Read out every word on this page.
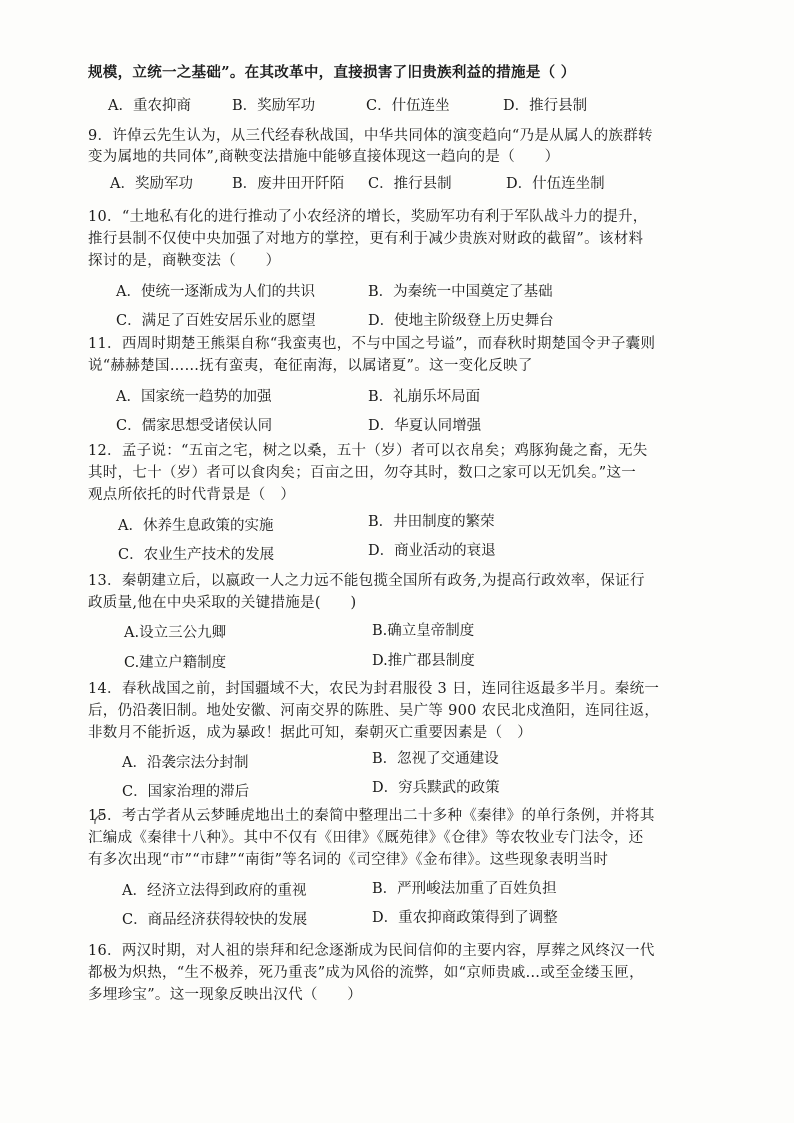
规模，立统一之基础”。在其改革中，直接损害了旧贵族利益的措施是（ ）
A．重农抑商	B．奖励军功	C．什伍连坐	D．推行县制
9．许倬云先生认为，从三代经春秋战国，中华共同体的演变趋向“乃是从属人的族群转
变为属地的共同体”,商鞅变法措施中能够直接体现这一趋向的是（　　）
A．奖励军功	B．废井田开阡陌 C．推行县制	D．什伍连坐制
10．“土地私有化的进行推动了小农经济的增长，奖励军功有利于军队战斗力的提升，
推行县制不仅使中央加强了对地方的掌控，更有利于减少贵族对财政的截留”。该材料
探讨的是，商鞅变法（　　）
A．使统一逐渐成为人们的共识	B．为秦统一中国奠定了基础
C．满足了百姓安居乐业的愿望	D．使地主阶级登上历史舞台
11．西周时期楚王熊渠自称“我蛮夷也，不与中国之号谥”，而春秋时期楚国令尹子囊则
说“赫赫楚国……抚有蛮夷，奄征南海，以属诸夏”。这一变化反映了
A．国家统一趋势的加强	B．礼崩乐坏局面
C．儒家思想受诸侯认同	D．华夏认同增强
12．孟子说：“五亩之宅，树之以桑，五十（岁）者可以衣帛矣；鸡豚狗彘之畜，无失
其时，七十（岁）者可以食肉矣；百亩之田，勿夺其时，数口之家可以无饥矣。”这一
观点所依托的时代背景是（　）
A．休养生息政策的实施	B．井田制度的繁荣
C．农业生产技术的发展	D．商业活动的衰退
13．秦朝建立后，以嬴政一人之力远不能包揽全国所有政务,为提高行政效率，保证行
政质量,他在中央采取的关键措施是(　　)
A.设立三公九卿	B.确立皇帝制度
C.建立户籍制度	D.推广郡县制度
14．春秋战国之前，封国疆域不大，农民为封君服役 3 日，连同往返最多半月。秦统一
后，仍沿袭旧制。地处安徽、河南交界的陈胜、吴广等 900 农民北戍渔阳，连同往返，
非数月不能折返，成为暴政！据此可知，秦朝灭亡重要因素是（　）
A．沿袭宗法分封制	B．忽视了交通建设
C．国家治理的滞后	D．穷兵黩武的政策
15．考古学者从云梦睡虎地出土的秦简中整理出二十多种《秦律》的单行条例，并将其
汇编成《秦律十八种》。其中不仅有《田律》《厩苑律》《仓律》等农牧业专门法令，还
有多次出现“市”“市肆”“南街”等名词的《司空律》《金布律》。这些现象表明当时
A．经济立法得到政府的重视	B．严刑峻法加重了百姓负担
C．商品经济获得较快的发展	D．重农抑商政策得到了调整
16．两汉时期，对人祖的崇拜和纪念逐渐成为民间信仰的主要内容，厚葬之风终汉一代
都极为炽热，“生不极养，死乃重丧”成为风俗的流弊，如“京师贵戚…或至金缕玉匣，
多埋珍宝”。这一现象反映出汉代（　　）
